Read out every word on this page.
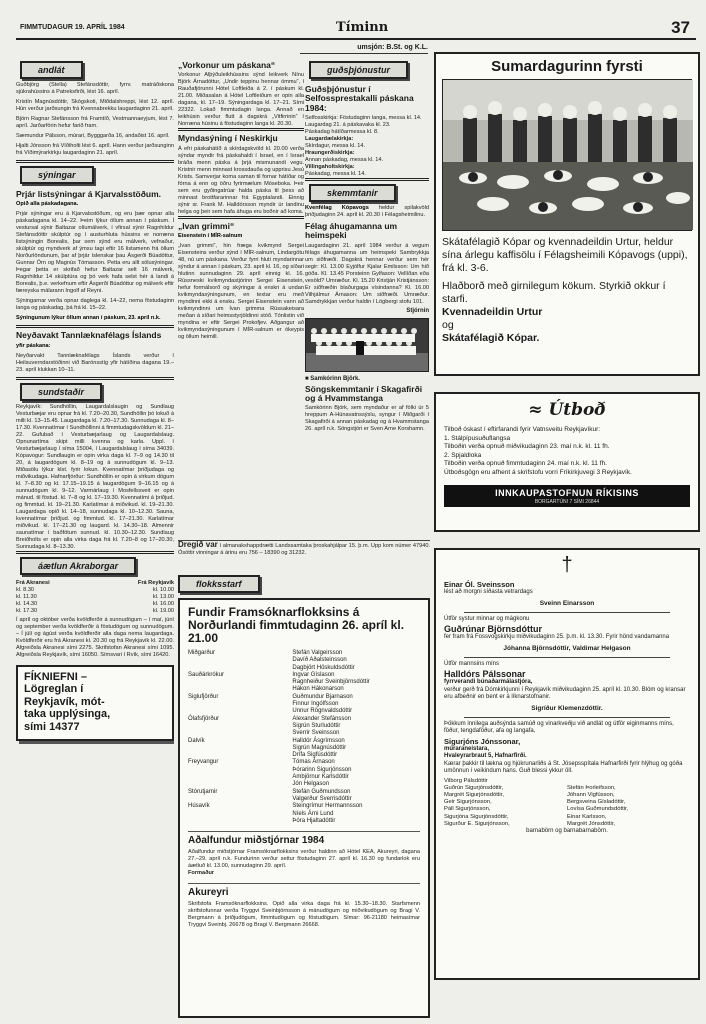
FIMMTUDAGUR 19. APRÍL 1984	Tíminn	37
umsjón: B.St. og K.L.
andlát

Guðbjörg (Stella) Stefánsdóttir, fyrrv. matráðskona sjúkrahússins á Patreksfirði, lést 16. apríl.

Kristín Magnúsdóttir, Skógskoti, Miðdalshreppi, lést 12. apríl. Hún verður jarðsungin frá Kvennabrekku laugardaginn 21. apríl.

Björn Ragnar Stefánsson frá Framtíð, Vestmannaeyjum, lést 7. apríl. Jarðarförin hefur farið fram.

Sæmundur Pálsson, múrari, Bygggarða 16, andaðist 16. apríl.

Hjalti Jónsson frá Víðiholti lést 6. apríl. Hann verður jarðsunginn frá Víðimýrarkirkju laugardaginn 21. apríl.

sýningar
Prjár listsýningar á Kjarvalsstöðum.

Opið alla páskadagana.

Prjár sýningar eru á Kjarvalsstöðum, og eru þær opnar alla páskadagana kl. 14–22. Þeim lýkur öllum annan í páskum. Í vestursal sýnir Baltazar olíumálverk, í vfirsal sýnir Ragnhildur Stefánsdóttir skúlptúr og í austurhluta hússins er norræna listsýningin Borealis, þar sem sýnd eru málverk, vefnaður, skúlptúr og myndverk af ýmsu tagi eftir 16 listamenn frá öllum Norðurlöndunum, þar af þrjár íslenskar þau Ásgerði Búadóttur, Gunnar Örn og Magnús Tómasson. Petta eru allt sölusýningar. Þegar þetta er skrifað hefur Baltazar selt 16 málverk, Ragnhildur 14 skúlptúra og þó verk hafa selst hér á landi á Borealis, þ.e. verkefnum eftir Ásgerði Búadóttur og málverk eftir færeyska málarann Ingolf af Reyni.

Sýningarnar verða opnar daglega kl. 14–22, nema föstudaginn langa og páskadag, þá frá kl. 15–22.

Sýningunum lýkur öllum annan í páskum, 23. apríl n.k.

Neyðavakt Tannlæknafélags Íslands

yfir páskana:

Neyðarvakt Tannlæknafélags Íslands verður í Heilsuverndarstöðinni við Barónsstíg yfir hátíðina dagana 19.–23. apríl klukkan 10–11.

sundstaðir
Reykjavík: Sundhöllin, Laugardalslaugin og Sundlaug Vesturbæjar eru opnar frá kl. 7.20–20.30, Sundhöllin þó lokuð á milli kl. 13–15.45. Laugardaga kl. 7.20–17.30. Sunnudaga kl. 8–17.30. Kvennatímar í Sundhöllinni á fimmtudagskvöldum kl. 21–22. Gufubað í Vesturbæjarlaug og Laugardalslaug. Opnunartíma skipt milli kvenna og karla. Uppl. í Vesturbæjarlaug í síma 15004, í Laugardalslaug í síma 34039. Kópavogur: Sundlaugin er opin virka daga kl. 7–9 og 14.30 til 20, á laugardögum kl. 8–19 og á sunnudögum kl. 9–13. Miðasölu lýkur klst. fyrir lokun. Kvennatímar þriðjudaga og miðvikudaga. Hafnarfjörður: Sundhöllin er opin á virkum dögum kl. 7–8.30 og kl. 17.15–19.15 á laugardögum 9–16.15 og á sunnudögum kl. 9–12. Varmárlaug í Mosfellssveit er opin mánud. til föstud. kl. 7–8 og kl. 17–19.30. Kvennatími á þriðjud. og fimmtud. kl. 19–21.30. Karlatímar á miðvikud. kl. 19–21.30. Laugardaga opið kl. 14–18, sunnudaga kl. 10–12.30. Sauna, kvennatímar þriðjud. og fimmtud. kl. 17–21.30. Karlatímar miðvikud. kl. 17–21.30 og laugard. kl. 14.30–18. Almennir saunatímar í baðfötum sunnud. kl. 10.30–12.30. Sundlaug Breiðholts er opin alla virka daga frá kl. 7.20–8 og 17–20.30, Sunnudaga kl. 8–13.30.
áætlun Akraborgar
Frá Akranesi	Frá Reykjavík
kl. 8.30	kl. 10.00
kl. 11.30	kl. 13.00
kl. 14.30	kl. 16.00
kl. 17.30	kl. 19.00
Í apríl og október verða kvöldferðir á sunnudögum – í maí, júní og september verða kvöldferðir á föstudögum og sunnudögum. – Í júlí og ágúst verða kvöldferðir alla daga nema laugardaga. Kvöldferðir eru frá Akranesi kl. 20.30 og frá Reykjavík kl. 22.00. Afgreiðsla Akranesi sími 2275. Skrifstofan Akranesi sími 1095. Afgreiðsla Reykjavík, sími 16050. Símsvari í Rvík, sími 16420.
FÍKNIEFNI –
Lögreglan í
Reykjavík, mót-
taka upplýsinga,
sími 14377
„Vorkonur um páskana“
Vorkonur Alþýðuleikhússins sýnd leikverk Nínu Björk Árnadóttur, „Undir teppinu hennar ömmu“, í Rauðafjörunni Hótel Loftleiða á 2. í páskum kl. 21.00. Miðasalan á Hótel Loftleiðum er opin alla dagana, kl. 17–19. Sýningardaga kl. 17–21. Sími 22322. Lokað fimmtudagin langa. Annað en leikhúsin verður flutt á dagskrá „Vitfirrinin“ í Norræna húsinu á föstudaginn langa kl. 20.30.
Myndasýning í Neskirkju
Á efri páskahátíð á skírdagskvöld kl. 20.00 verða sýndar myndir frá páskahaldi í Israel, en í Israel bráða menn páska á þrjá mismunandi vegu. Kristnir menn minnast krossdauða og upprisu Jesú Krists. Samverjar koma saman til fornar hátíðar og fórna á enn og öðru fyrirmælum Móseboka. Þeir sem eru gyðingatrúar halda páska til þess að minnast brottfararinnar frá Egyptalandi. Einnig sýnir sr. Frank M. Halldórsson myndir úr landinu helga og þeir sem hafa áhuga eru boðnir að koma.
„Ivan grimmi“

Eisenstein í MÍR-salnum

„Ivan grimmi“, hin fræga kvikmynd Sergei Eisensteins verður sýnd í MÍR-salnum, Lindargötu 48, nú um páskana. Verður fyrri hluti myndarinnar sýndur á annan í páskum, 23. apríl kl. 16, og síðari hlutinn sunnudaginn 29. apríl einnig kl. 16. Rússneski kvikmyndastjórinn Sergei Eisenstein, hefur formálsorð og skýringar á enskri á undan kvikmyndasýningunum, en textar eru með myndinni ekki á ensku. Sergei Eisenstein vann að kvikmyndinni um Ívan grimma Rússakeisara meðan á síðari heimsstyrjöldinni stóð. Tónlistin við myndina er eftir Sergei Prokofjev. Aðgangur að kvikmyndasýningunum í MÍR-salnum er ókeypis og öllum heimill.

guðsþjónustur
Guðsþjónustur í Selfossprestakalli páskana 1984:
Selfosskirkja: Föstudaginn langa, messa kl. 14.
Laugardag 21. á páskavaka kl. 23.
Páskadag hátíðarmessa kl. 8.
Laugardælakirkja:
Skírdagur, messa kl. 14.
Hraungerðiskirkja:
Annan páskadag, messa kl. 14.
Villingaholtskirkja:
Páskadag, messa kl. 14.
skemmtanir
Kvenfélag Kópavogs heldur spilakvöld þriðjudaginn 24. apríl kl. 20.30 í Félagsheimilinu.
Félag áhugamanna um heimspeki
Laugardaginn 21. apríl 1984 verður á vegum félags áhugamanna um heimspeki Sambrykkja um siðfræði. Dagskrá hennar verður sem hér segir: Kl. 13.00 Eyjólfur Kjalar Emilsson: Um hið góða. Kl. 13.45 Porsteinn Gylfason: Vellíðan eða vesöld? Umræður. Kl. 15.20 Kristján Kristjánsson: Er siðfræðin blaðurgaga vísindanna? Kl. 16.00 Vilhjálmur Árnason: Um siðfræði. Umræður. Samdrykkjan verður haldin í Lögbergi stofu 101.
Stjórnin
■ Samkórinn Björk.
Söngskemmtanir í Skagafirði og á Hvammstanga
Samkórinn Björk, sem myndaður er af fólki úr 5 hreppum A-Húnavatnssýslu, syngur í Miðgarði í Skagafirði á annan páskadag og á Hvammstanga 26. apríl n.k. Söngstjóri er Sven Arne Korshamn.
Dregið var í almanakshappdrætti Landssamtaka þroskahjálpar 15. þ.m. Upp kom númer 47940. Ósóttir vinningar á árinu eru 756 – 18390 og 31232.
flokksstarf
Fundir Framsóknarflokksins á Norðurlandi fimmtudaginn 26. apríl kl. 21.00
Miðgarður	Stefán Valgeirsson
	Davíð Aðalsteinsson
	Dagbjört Höskuldsdóttir
Sauðárkrókur	Ingvar Gíslason
	Ragnheiður Sveinbjörnsdóttir
	Hákon Hákonarson
Siglufjörður	Guðmundur Bjarnason
	Finnur Ingólfsson
	Unnur Rögnvaldsdóttir
Ólafsfjörður	Alexander Stefánsson
	Sigrún Sturludóttir
	Sverrir Sveinsson
Dalvík	Halldór Ásgrímsson
	Sigrún Magnúsdóttir
	Drífa Sigfúsdóttir
Freyvangur	Tómas Árnason
	Þórarinn Sigurjónsson
	Ambjörnur Karlsdóttir
	Jón Helgason
Stórutjarnir	Stefán Guðmundsson
	Valgerður Sverrisdóttir
Húsavík	Steingrímur Hermannsson
	Níels Árni Lund
	Þóra Hjaltadóttir
Aðalfundur miðstjórnar 1984
Aðalfundur miðstjórnar Framsóknarflokksins verður haldinn að Hótel KEA, Akureyri, dagana 27.–29. apríl n.k. Fundurinn verður settur föstudaginn 27. apríl kl. 16.30 og fundarlok eru áætluð kl. 13.00, sunnudaginn 29. apríl.
Formaður
Akureyri
Skrifstofa Framsóknarflokksins. Opið alla virka daga frá kl. 15.30–18.30. Starfsmenn skrifstofunnar verða Tryggvi Sveinbjörnsson á mánudögum og miðvikudögum og Bragi V. Bergmann á þriðjudögum, fimmtudögum og föstudögum. Símar: 96-21180 heimasímar Tryggvi Sveinbj. 26678 og Bragi V. Bergmann 26668.
Sumardagurinn fyrsti
Skátafélagið Kópar og kvennadeildin Urtur, heldur sína árlegu kaffisölu í Félagsheimili Kópavogs (uppi), frá kl. 3-6.
Hlaðborð með girnilegum kökum. Styrkið okkur í starfi.
Kvennadeildin Urtur
og
Skátafélagið Kópar.
≈ Útboð
Tilboð óskast í eftirfarandi fyrir Vatnsveitu Reykjavíkur:
1. Stálpípusuðuflangsa
Tilboðin verða opnuð miðvikudaginn 23. maí n.k. kl. 11 fh.
2. Spjaldloka
Tilboðin verða opnuð fimmtudaginn 24. maí n.k. kl. 11 fh.
Útboðsgögn eru afhent á skrifstofu vorri Fríkirkjuvegi 3 Reykjavík.
INNKAUPASTOFNUN RÍKISINS
BORGARTÚNI 7 SÍMI 26844
†
Einar Ól. Sveinsson
lést að morgni síðasta vetrardags
Sveinn Einarsson
Útför systur minnar og mágkonu
Guðrúnar Björnsdóttur
fer fram frá Fossvogskirkju miðvikudaginn 25. þ.m. kl. 13.30. Fyrir hönd vandamanna
Jóhanna Björnsdóttir, Valdimar Helgason
Útför mannsins míns
Halldórs Pálssonar
fyrrverandi búnaðarmálastjóra,
verður gerð frá Dómkirkjunni í Reykjavík miðvikudaginn 25. apríl kl. 10.30. Blóm og kransar eru afbeðnir en bent er á líknarstofnanir.
Sigríður Klemenzdóttir.
Þökkum innilega auðsýnda samúð og vinarkveðju við andlát og útför eiginmanns míns, föður, tengdaföður, afa og langafa,
Sigurjóns Jónssonar,
múraraneistara,
Hvaleyrarbraut 5, Hafnarfirði.
Kærar þakkir til lækna og hjúkrunarliðs á St. Jósepsspítala Hafnarfirði fyrir hlýhug og góða umönnun í veikindum hans. Guð blessi ykkur öll.
Vilborg Pálsdóttir
Guðrún Sigurjónsdóttir,	Stefán Þorleifsson,
Margrét Sigurjónsdóttir,	Jóhann Vigfússon,
Geir Sigurjónsson,	Bergsveina Gísladóttir,
Páll Sigurjónsson,	Lovísa Guðmundsdóttir,
Sigurjóna Sigurjónsdóttir,	Einar Karlsson,
Sigurður E. Sigurjónsson,	Margrét Jónsdóttir,
barnabörn og barnabarnabörn.
